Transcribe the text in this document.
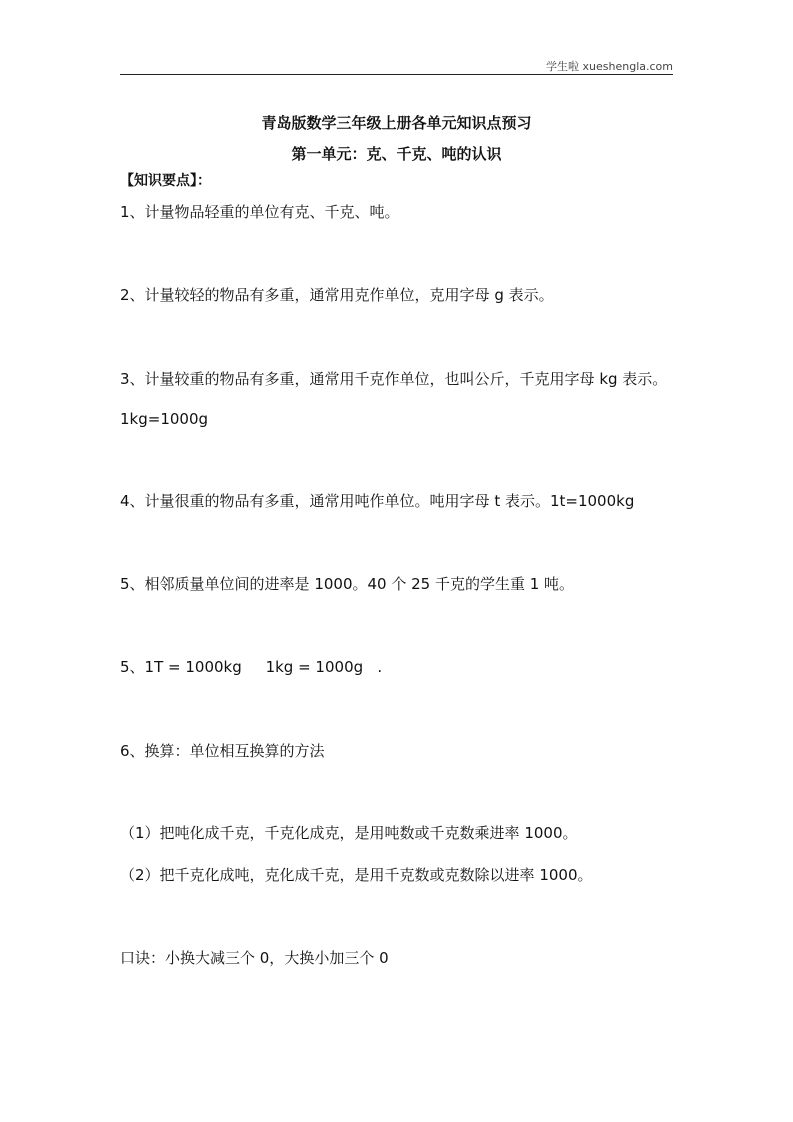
学生啦 xueshengla.com
青岛版数学三年级上册各单元知识点预习
第一单元：克、千克、吨的认识
【知识要点】：
1、计量物品轻重的单位有克、千克、吨。
2、计量较轻的物品有多重，通常用克作单位，克用字母 g 表示。
3、计量较重的物品有多重，通常用千克作单位，也叫公斤，千克用字母 kg 表示。
1kg=1000g
4、计量很重的物品有多重，通常用吨作单位。吨用字母 t 表示。1t=1000kg
5、相邻质量单位间的进率是 1000。40 个 25 千克的学生重 1 吨。
5、1T = 1000kg     1kg = 1000g   .
6、换算：单位相互换算的方法
（1）把吨化成千克，千克化成克，是用吨数或千克数乘进率 1000。
（2）把千克化成吨，克化成千克，是用千克数或克数除以进率 1000。
口诀：小换大减三个 0，大换小加三个 0
